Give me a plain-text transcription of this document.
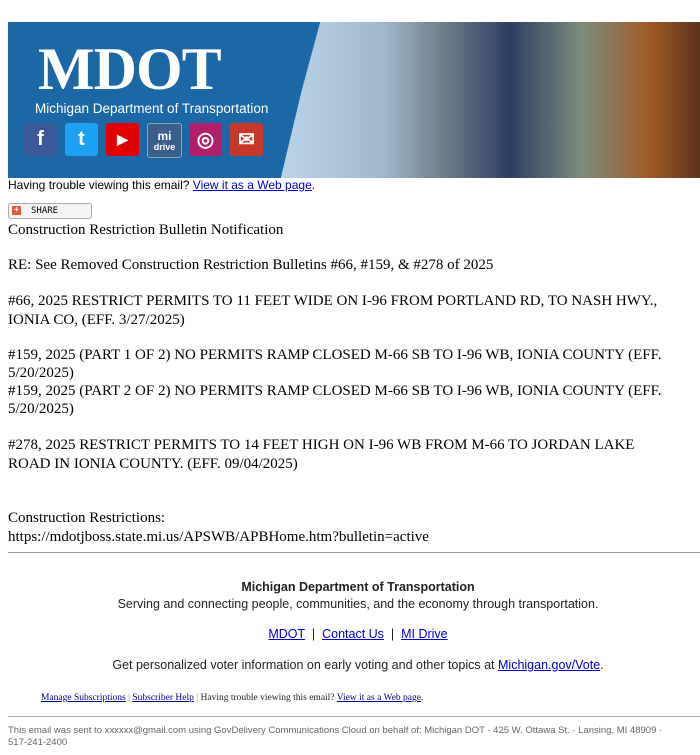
MDOT
Michigan Department of Transportation
f	t	▶	mi
drive	◎	✉
Having trouble viewing this email? View it as a Web page.
+ SHARE
Construction Restriction Bulletin Notification
RE: See Removed Construction Restriction Bulletins #66, #159, & #278 of 2025
#66, 2025 RESTRICT PERMITS TO 11 FEET WIDE ON I-96 FROM PORTLAND RD, TO NASH HWY.,
IONIA CO, (EFF. 3/27/2025)
#159, 2025 (PART 1 OF 2) NO PERMITS RAMP CLOSED M-66 SB TO I-96 WB, IONIA COUNTY (EFF.
5/20/2025)
#159, 2025 (PART 2 OF 2) NO PERMITS RAMP CLOSED M-66 SB TO I-96 WB, IONIA COUNTY (EFF.
5/20/2025)
#278, 2025 RESTRICT PERMITS TO 14 FEET HIGH ON I-96 WB FROM M-66 TO JORDAN LAKE
ROAD IN IONIA COUNTY. (EFF. 09/04/2025)
Construction Restrictions:
https://mdotjboss.state.mi.us/APSWB/APBHome.htm?bulletin=active
Michigan Department of Transportation
Serving and connecting people, communities, and the economy through transportation.
MDOT | Contact Us | MI Drive
Get personalized voter information on early voting and other topics at Michigan.gov/Vote.
Manage Subscriptions | Subscriber Help | Having trouble viewing this email? View it as a Web page.
This email was sent to xxxxxx@gmail.com using GovDelivery Communications Cloud on behalf of: Michigan DOT · 425 W. Ottawa St. · Lansing, MI 48909 ·
517-241-2400
